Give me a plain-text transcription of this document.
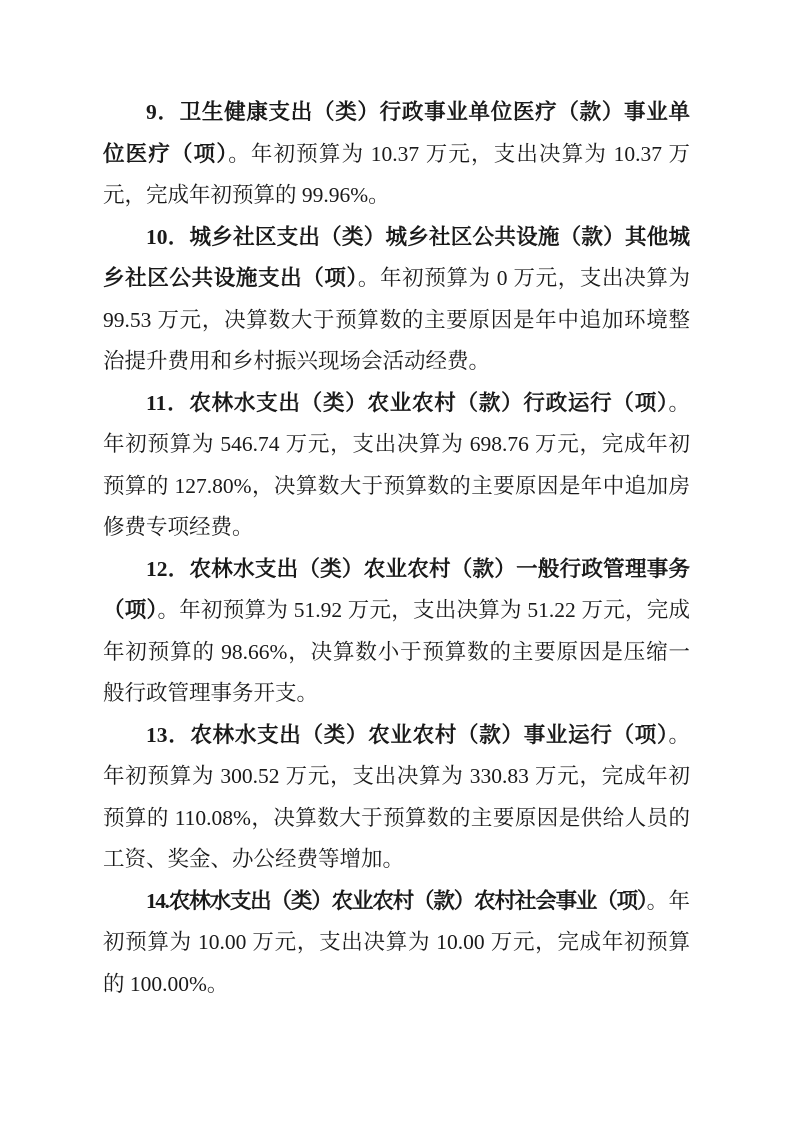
9．卫生健康支出（类）行政事业单位医疗（款）事业单位医疗（项）。年初预算为 10.37 万元，支出决算为 10.37 万元，完成年初预算的 99.96%。

10．城乡社区支出（类）城乡社区公共设施（款）其他城乡社区公共设施支出（项）。年初预算为 0 万元，支出决算为 99.53 万元，决算数大于预算数的主要原因是年中追加环境整治提升费用和乡村振兴现场会活动经费。

11．农林水支出（类）农业农村（款）行政运行（项）。年初预算为 546.74 万元，支出决算为 698.76 万元，完成年初预算的 127.80%，决算数大于预算数的主要原因是年中追加房修费专项经费。

12．农林水支出（类）农业农村（款）一般行政管理事务（项）。年初预算为 51.92 万元，支出决算为 51.22 万元，完成年初预算的 98.66%，决算数小于预算数的主要原因是压缩一般行政管理事务开支。

13．农林水支出（类）农业农村（款）事业运行（项）。年初预算为 300.52 万元，支出决算为 330.83 万元，完成年初预算的 110.08%，决算数大于预算数的主要原因是供给人员的工资、奖金、办公经费等增加。

14.农林水支出（类）农业农村（款）农村社会事业（项）。年初预算为 10.00 万元，支出决算为 10.00 万元，完成年初预算的 100.00%。
